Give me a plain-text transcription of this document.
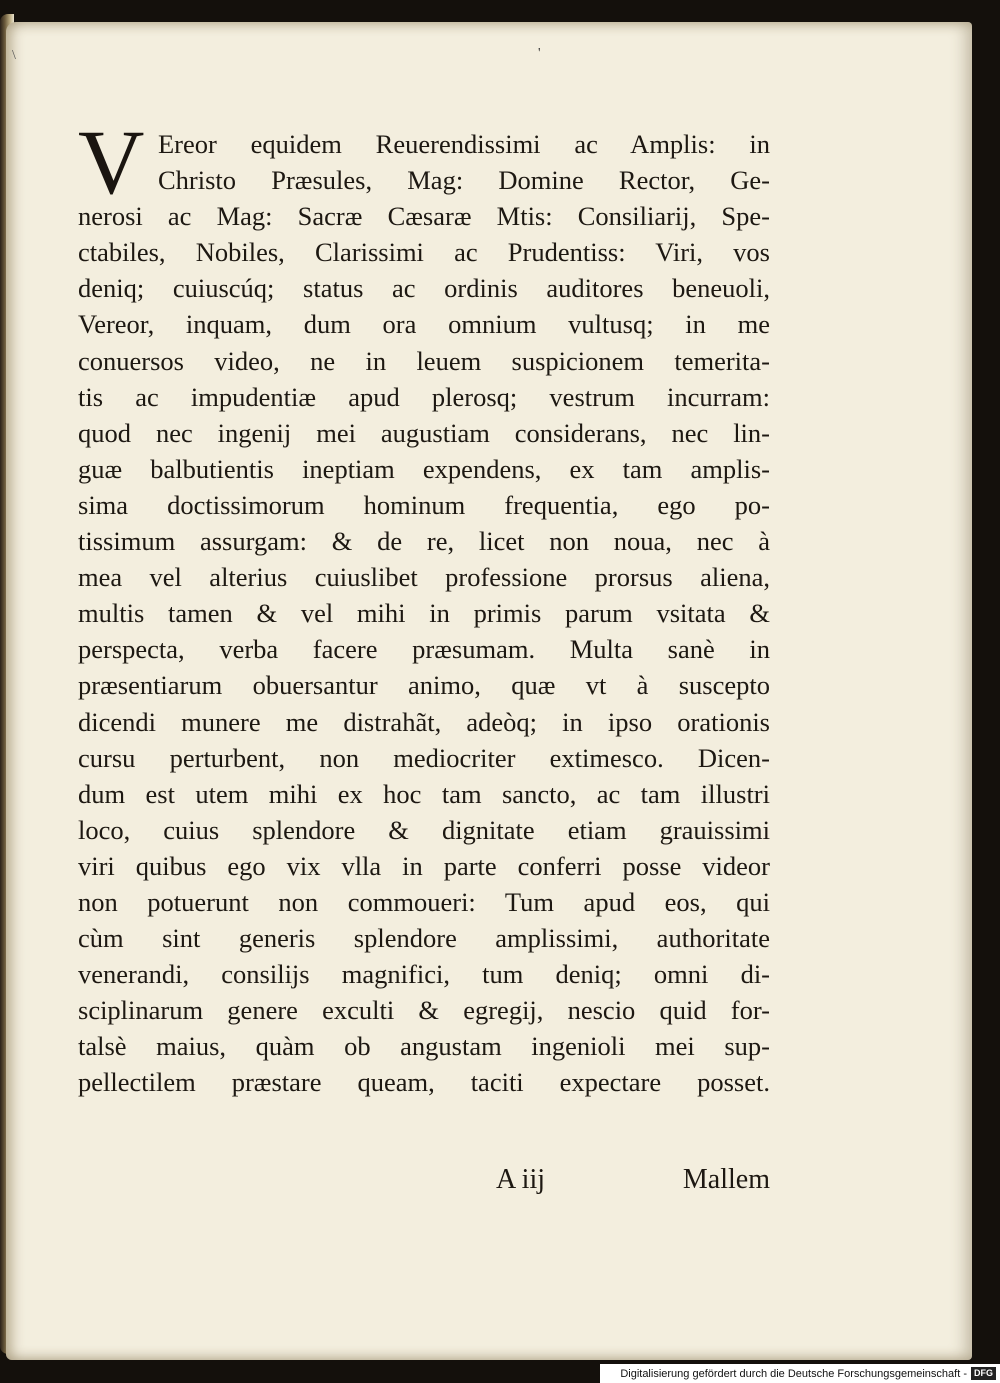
\	'
V Ereor equidem Reuerendissimi ac Amplis: in
Christo Præsules, Mag: Domine Rector, Ge-
nerosi ac Mag: Sacræ Cæsaræ Mtis: Consiliarij, Spe-
ctabiles, Nobiles, Clarissimi ac Prudentiss: Viri, vos
deniq; cuiuscúq; status ac ordinis auditores beneuoli,
Vereor, inquam, dum ora omnium vultusq; in me
conuersos video, ne in leuem suspicionem temerita-
tis ac impudentiæ apud plerosq; vestrum incurram:
quod nec ingenij mei augustiam considerans, nec lin-
guæ balbutientis ineptiam expendens, ex tam amplis-
sima doctissimorum hominum frequentia, ego po-
tissimum assurgam: & de re, licet non noua, nec à
mea vel alterius cuiuslibet professione prorsus aliena,
multis tamen & vel mihi in primis parum vsitata &
perspecta, verba facere præsumam. Multa sanè in
præsentiarum obuersantur animo, quæ vt à suscepto
dicendi munere me distrahãt, adeòq; in ipso orationis
cursu perturbent, non mediocriter extimesco. Dicen-
dum est utem mihi ex hoc tam sancto, ac tam illustri
loco, cuius splendore & dignitate etiam grauissimi
viri quibus ego vix vlla in parte conferri posse videor
non potuerunt non commoueri: Tum apud eos, qui
cùm sint generis splendore amplissimi, authoritate
venerandi, consilijs magnifici, tum deniq; omni di-
sciplinarum genere exculti & egregij, nescio quid for-
talsè maius, quàm ob angustam ingenioli mei sup-
pellectilem præstare queam, taciti expectare posset.
A iij	Mallem
Digitalisierung gefördert durch die Deutsche Forschungsgemeinschaft - DFG
